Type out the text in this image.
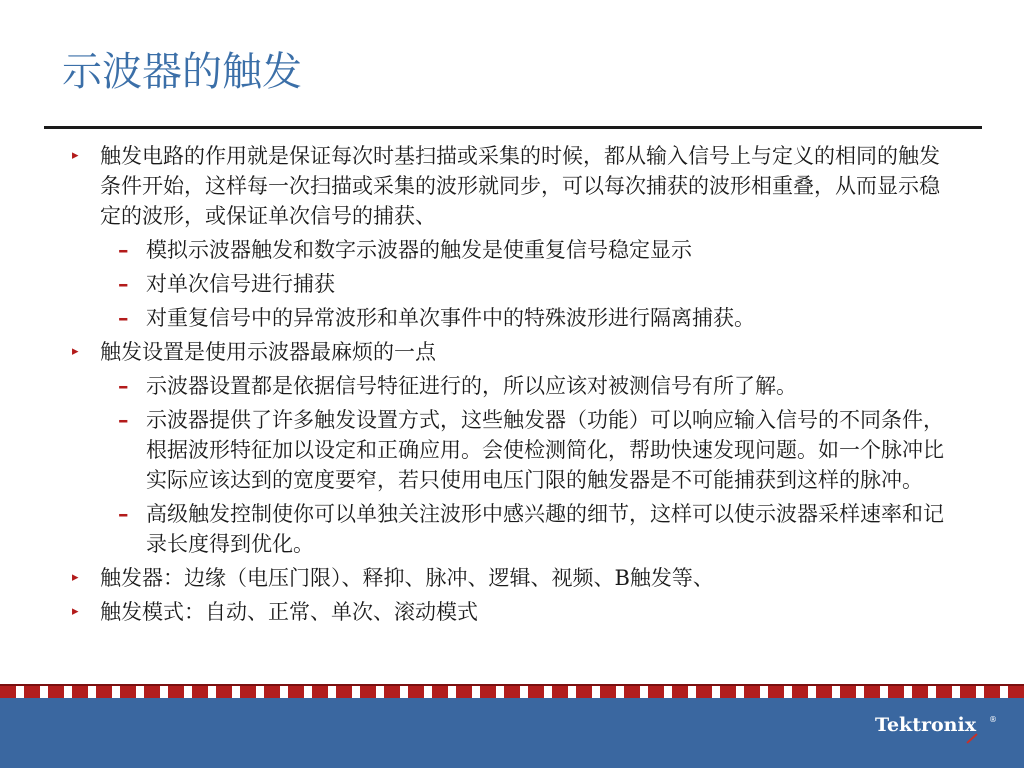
示波器的触发
▸ 触发电路的作用就是保证每次时基扫描或采集的时候，都从输入信号上与定义的相同的触发条件开始，这样每一次扫描或采集的波形就同步，可以每次捕获的波形相重叠，从而显示稳定的波形，或保证单次信号的捕获、
– 模拟示波器触发和数字示波器的触发是使重复信号稳定显示
– 对单次信号进行捕获
– 对重复信号中的异常波形和单次事件中的特殊波形进行隔离捕获。
▸ 触发设置是使用示波器最麻烦的一点
– 示波器设置都是依据信号特征进行的，所以应该对被测信号有所了解。
– 示波器提供了许多触发设置方式，这些触发器（功能）可以响应输入信号的不同条件，根据波形特征加以设定和正确应用。会使检测简化，帮助快速发现问题。如一个脉冲比实际应该达到的宽度要窄，若只使用电压门限的触发器是不可能捕获到这样的脉冲。
– 高级触发控制使你可以单独关注波形中感兴趣的细节，这样可以使示波器采样速率和记录长度得到优化。
▸ 触发器：边缘（电压门限）、释抑、脉冲、逻辑、视频、B触发等、
▸ 触发模式：自动、正常、单次、滚动模式
Tektronix ®
